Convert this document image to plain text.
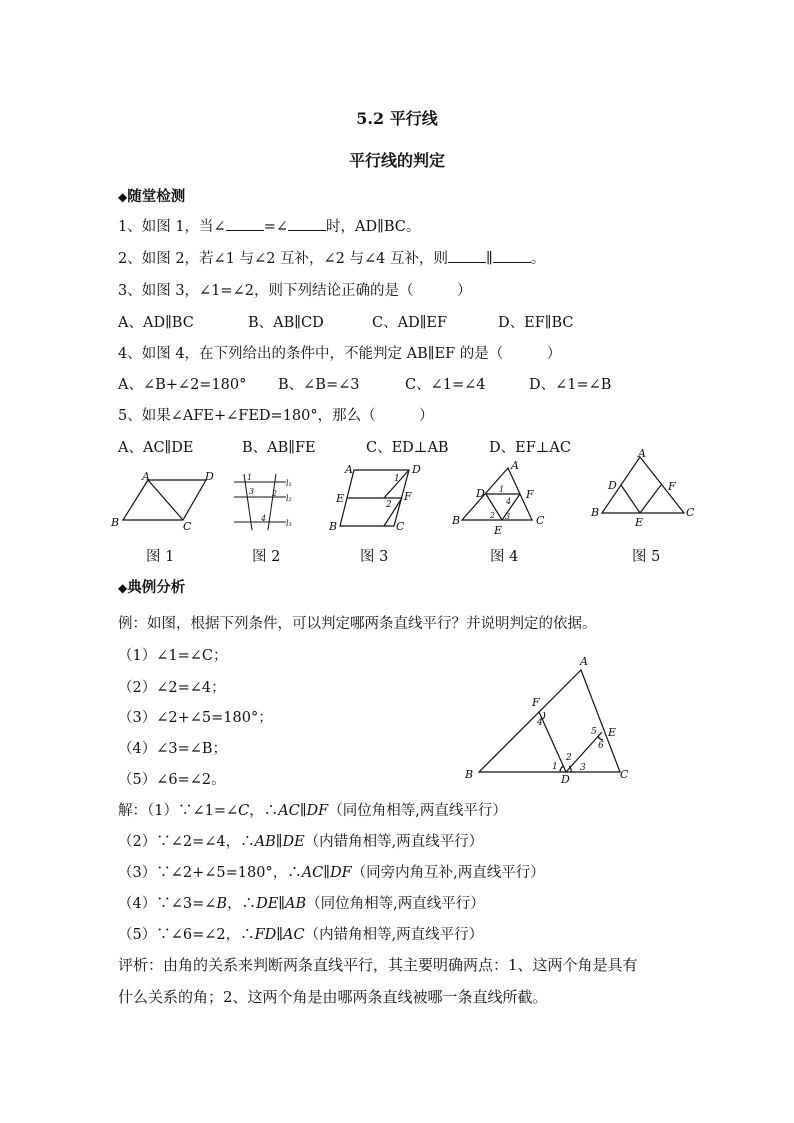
5.2 平行线
平行线的判定
◆随堂检测
1、如图 1，当∠	=∠	时，AD∥BC。
2、如图 2，若∠1 与∠2 互补，∠2 与∠4 互补，则	∥	。
3、如图 3，∠1=∠2，则下列结论正确的是（　　　）
A、AD∥BC	B、AB∥CD	C、AD∥EF	D、EF∥BC
4、如图 4，在下列给出的条件中，不能判定 AB∥EF 的是（　　　）
A、∠B+∠2=180° B、∠B=∠3	C、∠1=∠4	D、∠1=∠B
5、如果∠AFE+∠FED=180°，那么（　　　）
A、AC∥DE	B、AB∥FE	C、ED⊥AB	D、EF⊥AC
A	D
B	C
图 1
1
3 2
4
l₁
l₂
l₃
图 2
A	D
E	F
B	C
1
2
图 3
A
D	F
B
E
C
1
4
2 3
图 4
A
D	F
B
E
C
图 5
◆典例分析
例：如图，根据下列条件，可以判定哪两条直线平行？并说明判定的依据。
（1）∠1=∠C；
（2）∠2=∠4；
（3）∠2+∠5=180°；
（4）∠3=∠B；
（5）∠6=∠2。
A
F
E
B	D	C
1
2
3
4
5
6
解：（1）∵∠1=∠C，∴AC∥DF（同位角相等,两直线平行）
（2）∵∠2=∠4，∴AB∥DE（内错角相等,两直线平行）
（3）∵∠2+∠5=180°，∴AC∥DF（同旁内角互补,两直线平行）
（4）∵∠3=∠B，∴DE∥AB（同位角相等,两直线平行）
（5）∵∠6=∠2，∴FD∥AC（内错角相等,两直线平行）
评析：由角的关系来判断两条直线平行，其主要明确两点：1、这两个角是具有
什么关系的角；2、这两个角是由哪两条直线被哪一条直线所截。
